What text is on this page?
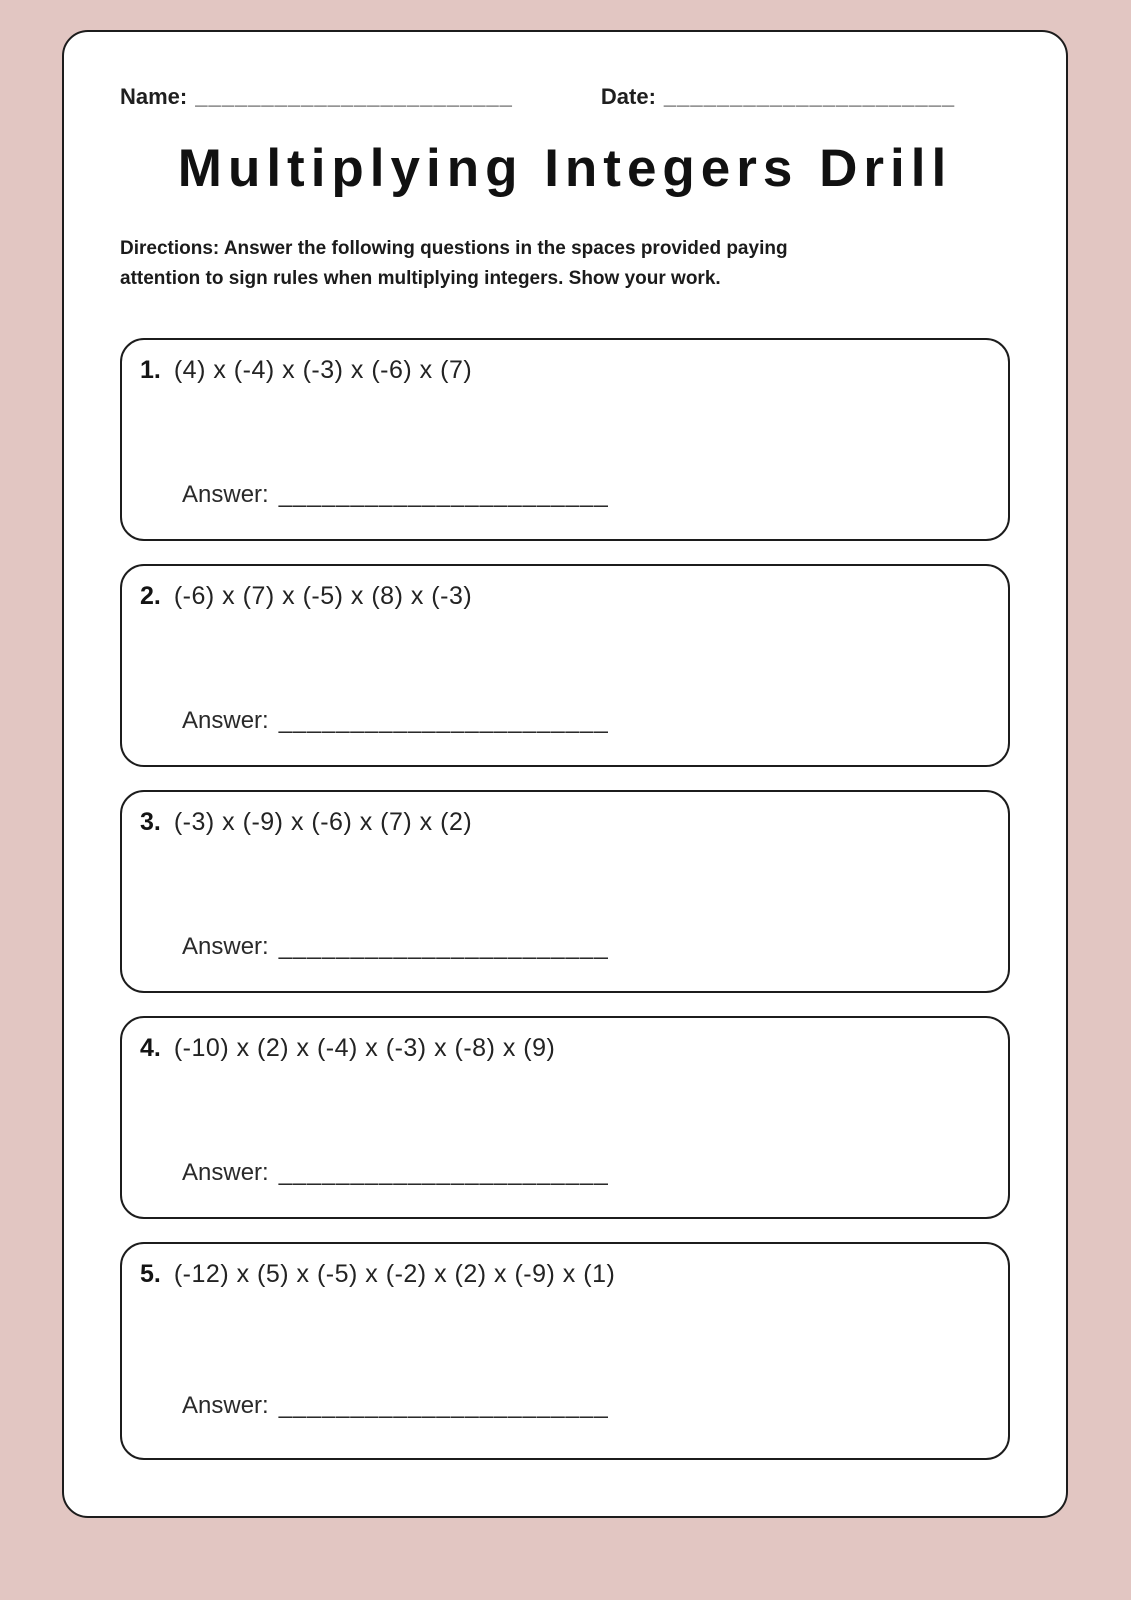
Name: ________________________	Date: ______________________
Multiplying Integers Drill

Directions: Answer the following questions in the spaces provided paying
attention to sign rules when multiplying integers. Show your work.

1. (4) x (-4) x (-3) x (-6) x (7)
Answer: _______________________
2. (-6) x (7) x (-5) x (8) x (-3)
Answer: _______________________
3. (-3) x (-9) x (-6) x (7) x (2)
Answer: _______________________
4. (-10) x (2) x (-4) x (-3) x (-8) x (9)
Answer: _______________________
5. (-12) x (5) x (-5) x (-2) x (2) x (-9) x (1)
Answer: _______________________
